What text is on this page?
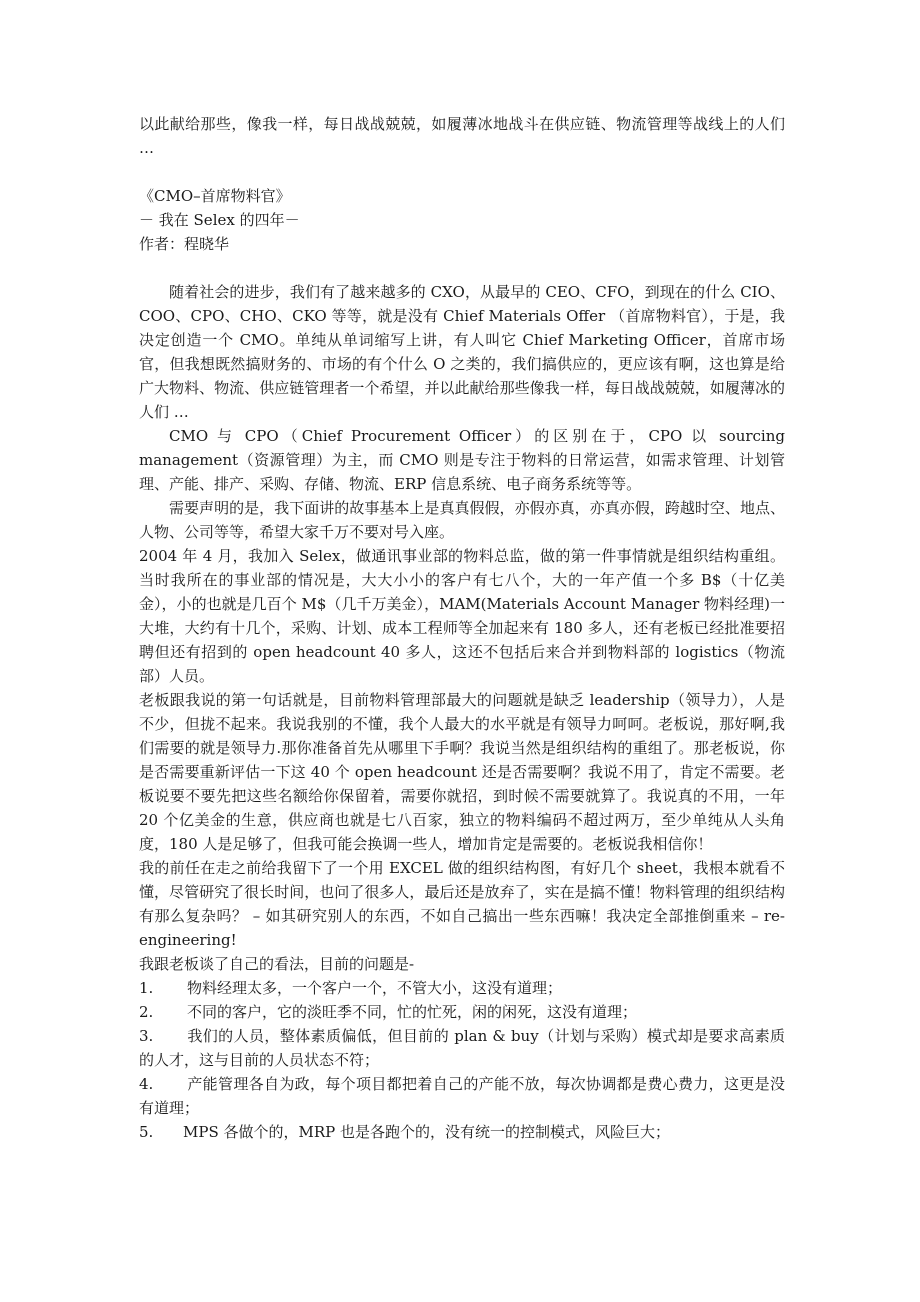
以此献给那些，像我一样，每日战战兢兢，如履薄冰地战斗在供应链、物流管理等战线上的人们 …

《CMO–首席物料官》

－ 我在 Selex 的四年－

作者：程晓华

随着社会的进步，我们有了越来越多的 CXO，从最早的 CEO、CFO，到现在的什么 CIO、COO、CPO、CHO、CKO 等等，就是没有 Chief Materials Offer （首席物料官），于是，我决定创造一个 CMO。单纯从单词缩写上讲，有人叫它 Chief Marketing Officer，首席市场官，但我想既然搞财务的、市场的有个什么 O 之类的，我们搞供应的，更应该有啊，这也算是给广大物料、物流、供应链管理者一个希望，并以此献给那些像我一样，每日战战兢兢，如履薄冰的人们 …

CMO 与 CPO（Chief Procurement Officer）的区别在于，CPO 以 sourcing management（资源管理）为主，而 CMO 则是专注于物料的日常运营，如需求管理、计划管理、产能、排产、采购、存储、物流、ERP 信息系统、电子商务系统等等。

需要声明的是，我下面讲的故事基本上是真真假假，亦假亦真，亦真亦假，跨越时空、地点、人物、公司等等，希望大家千万不要对号入座。

2004 年 4 月，我加入 Selex，做通讯事业部的物料总监，做的第一件事情就是组织结构重组。当时我所在的事业部的情况是，大大小小的客户有七八个，大的一年产值一个多 B$（十亿美金），小的也就是几百个 M$（几千万美金），MAM(Materials Account Manager 物料经理)一大堆，大约有十几个，采购、计划、成本工程师等全加起来有 180 多人，还有老板已经批准要招聘但还有招到的 open headcount 40 多人，这还不包括后来合并到物料部的 logistics（物流部）人员。

老板跟我说的第一句话就是，目前物料管理部最大的问题就是缺乏 leadership（领导力），人是不少，但拢不起来。我说我别的不懂，我个人最大的水平就是有领导力呵呵。老板说，那好啊,我们需要的就是领导力.那你准备首先从哪里下手啊？我说当然是组织结构的重组了。那老板说，你是否需要重新评估一下这 40 个 open headcount 还是否需要啊？我说不用了，肯定不需要。老板说要不要先把这些名额给你保留着，需要你就招，到时候不需要就算了。我说真的不用，一年 20 个亿美金的生意，供应商也就是七八百家，独立的物料编码不超过两万，至少单纯从人头角度，180 人是足够了，但我可能会换调一些人，增加肯定是需要的。老板说我相信你！

我的前任在走之前给我留下了一个用 EXCEL 做的组织结构图，有好几个 sheet，我根本就看不懂，尽管研究了很长时间，也问了很多人，最后还是放弃了，实在是搞不懂！物料管理的组织结构有那么复杂吗？ – 如其研究别人的东西，不如自己搞出一些东西嘛！我决定全部推倒重来 – re-engineering!

我跟老板谈了自己的看法，目前的问题是-

1. 物料经理太多，一个客户一个，不管大小，这没有道理；

2. 不同的客户，它的淡旺季不同，忙的忙死，闲的闲死，这没有道理；

3. 我们的人员，整体素质偏低，但目前的 plan & buy（计划与采购）模式却是要求高素质的人才，这与目前的人员状态不符；

4. 产能管理各自为政，每个项目都把着自己的产能不放，每次协调都是费心费力，这更是没有道理；

5. MPS 各做个的，MRP 也是各跑个的，没有统一的控制模式，风险巨大；
